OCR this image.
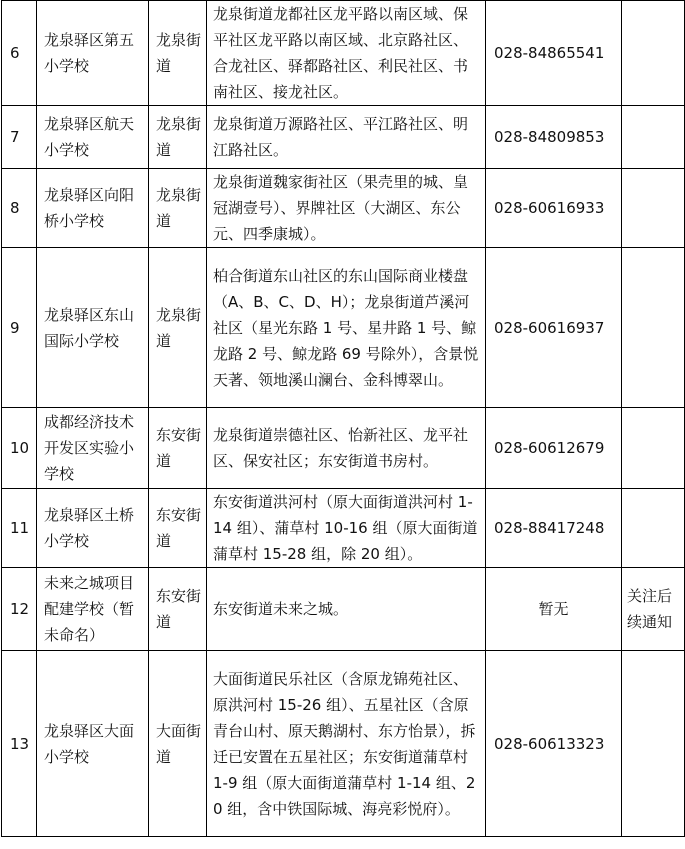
6	龙泉驿区第五小学校	龙泉街道	龙泉街道龙都社区龙平路以南区域、保平社区龙平路以南区域、北京路社区、合龙社区、驿都路社区、利民社区、书南社区、接龙社区。	028-84865541	
7	龙泉驿区航天小学校	龙泉街道	龙泉街道万源路社区、平江路社区、明江路社区。	028-84809853	
8	龙泉驿区向阳桥小学校	龙泉街道	龙泉街道魏家街社区（果壳里的城、皇冠湖壹号）、界牌社区（大湖区、东公元、四季康城）。	028-60616933	
9	龙泉驿区东山国际小学校	龙泉街道	柏合街道东山社区的东山国际商业楼盘（A、B、C、D、H）；龙泉街道芦溪河社区（星光东路 1 号、星井路 1 号、鲸龙路 2 号、鲸龙路 69 号除外），含景悦天著、领地溪山澜台、金科博翠山。	028-60616937	
10	成都经济技术开发区实验小学校	东安街道	龙泉街道崇德社区、怡新社区、龙平社区、保安社区；东安街道书房村。	028-60612679	
11	龙泉驿区土桥小学校	东安街道	东安街道洪河村（原大面街道洪河村 1-14 组）、蒲草村 10-16 组（原大面街道蒲草村 15-28 组，除 20 组）。	028-88417248	
12	未来之城项目配建学校（暂未命名）	东安街道	东安街道未来之城。	暂无	关注后续通知
13	龙泉驿区大面小学校	大面街道	大面街道民乐社区（含原龙锦苑社区、原洪河村 15-26 组）、五星社区（含原青台山村、原天鹅湖村、东方怡景），拆迁已安置在五星社区；东安街道蒲草村 1-9 组（原大面街道蒲草村 1-14 组、20 组，含中铁国际城、海亮彩悦府）。	028-60613323	
